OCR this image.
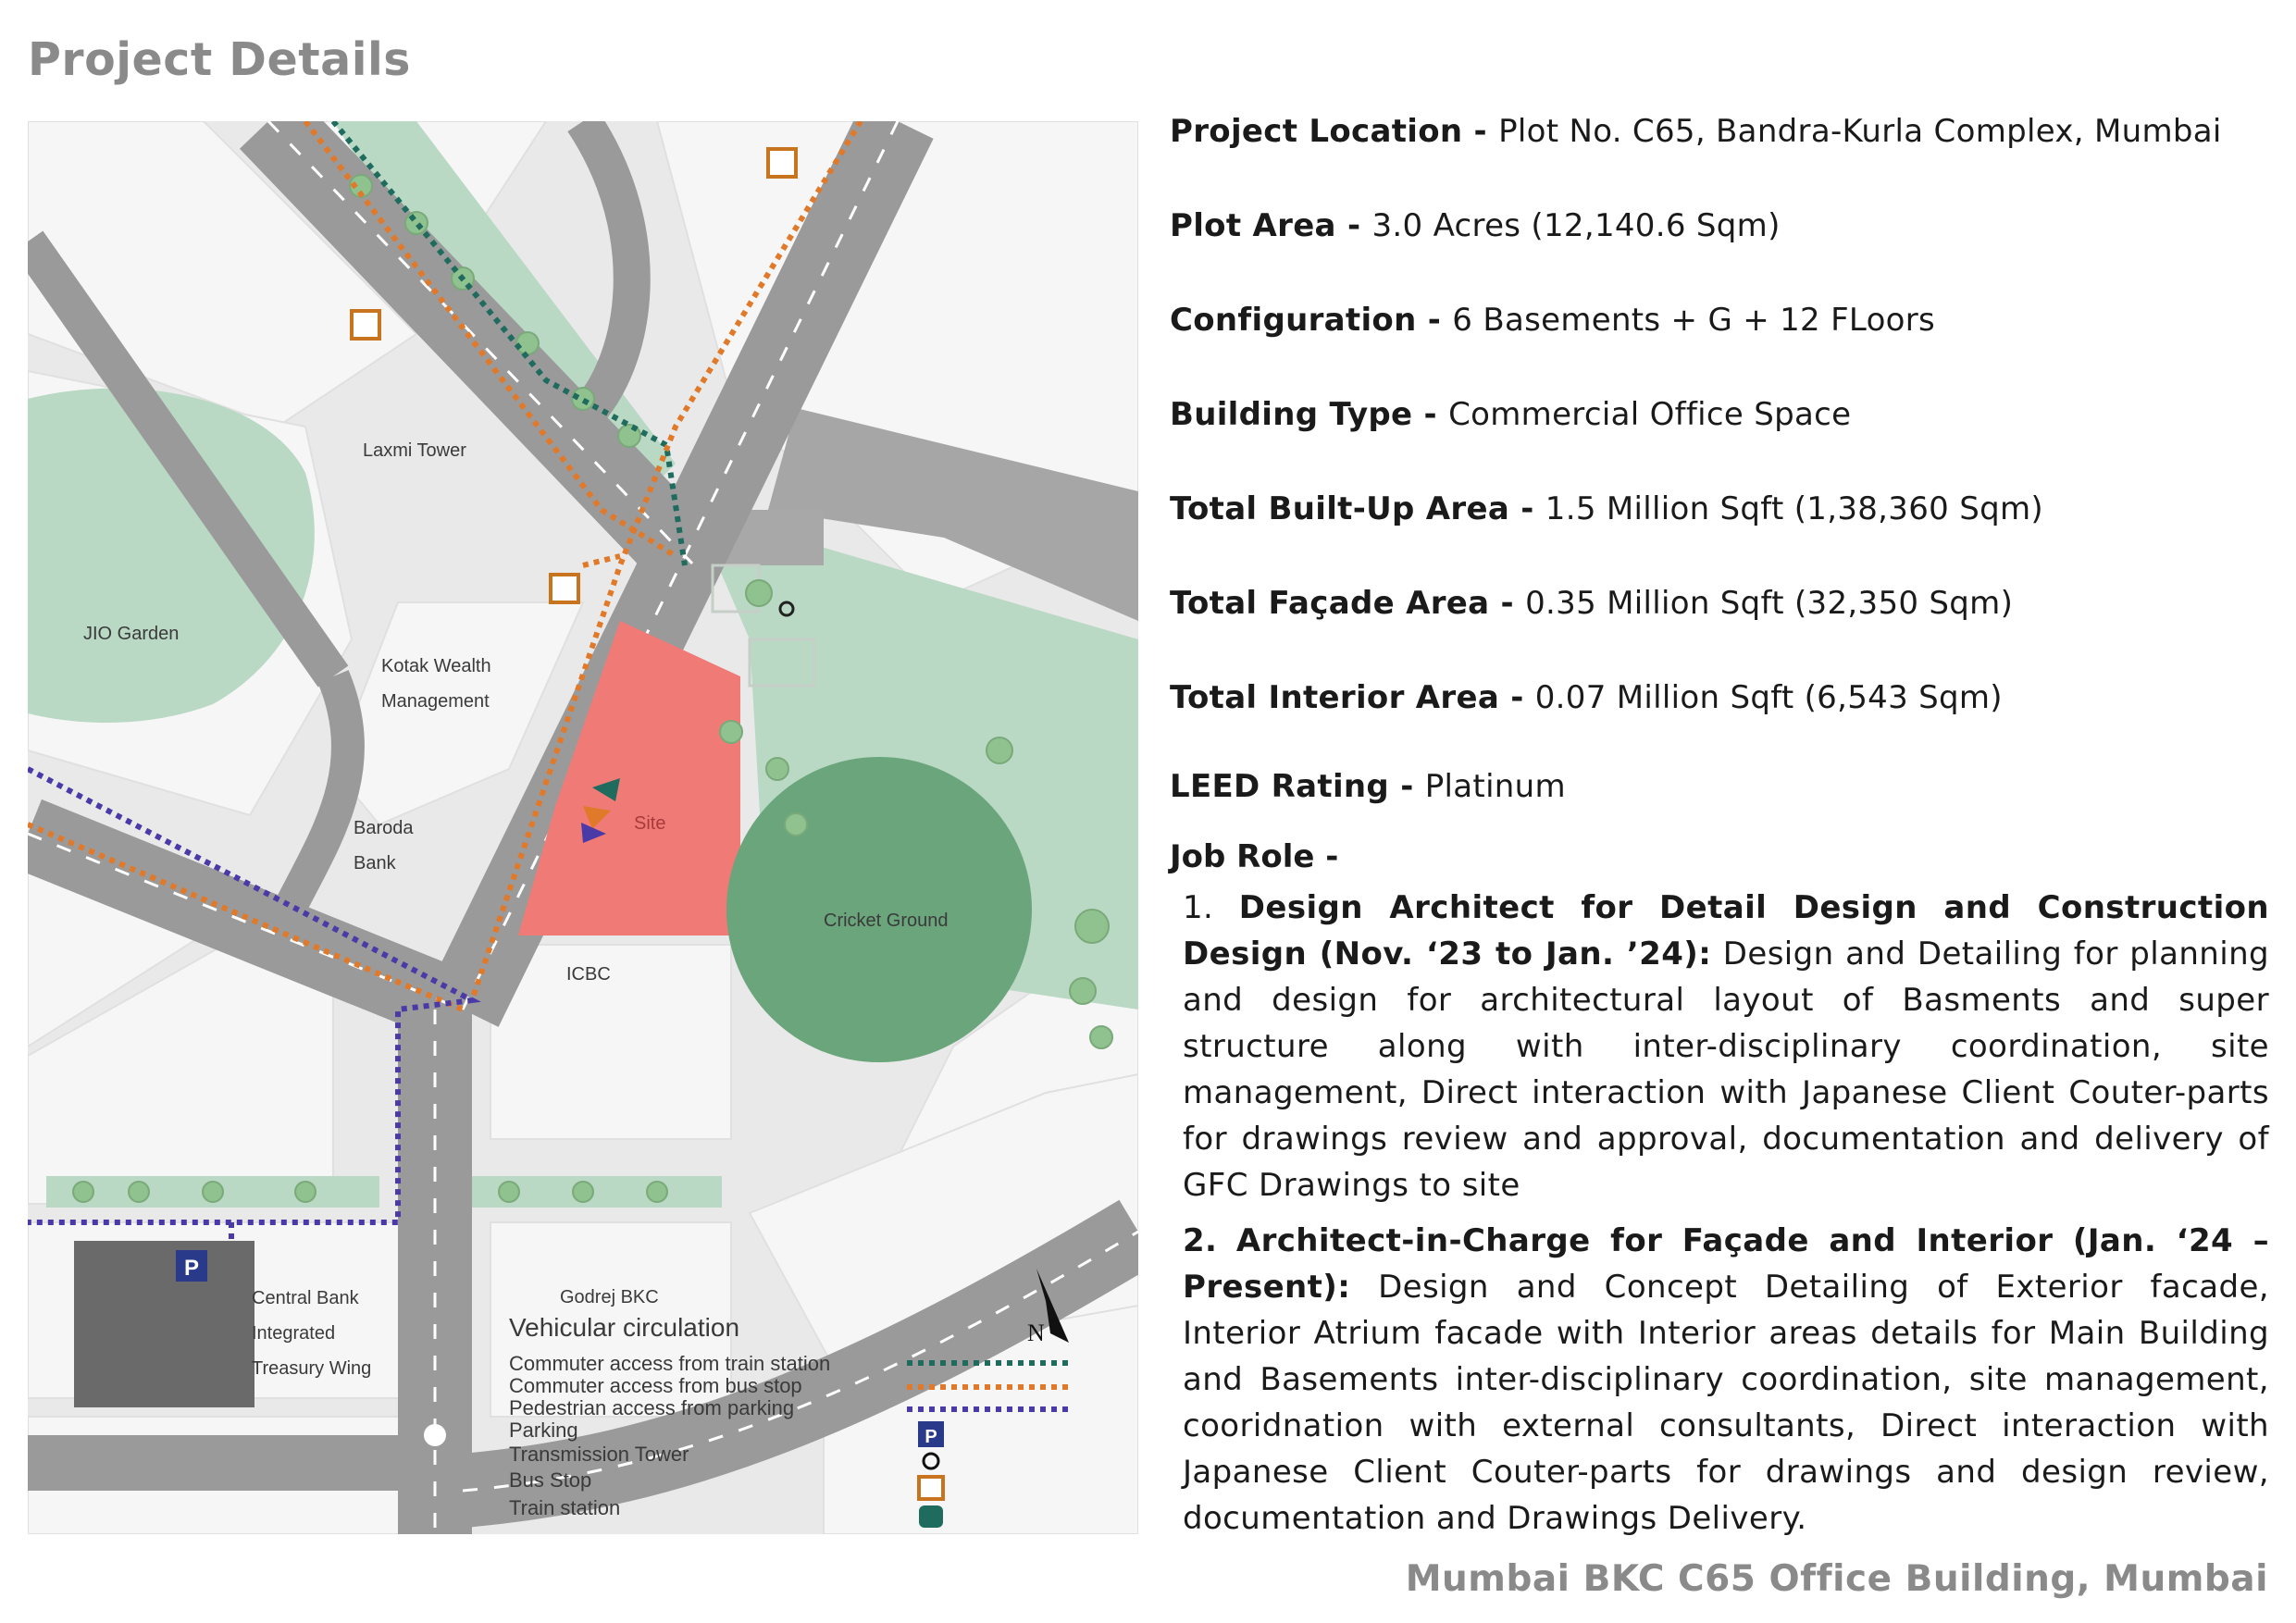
Project Details
P
Laxmi Tower
JIO Garden
Kotak Wealth
Management
Baroda
Bank
Site
ICBC
Cricket Ground
Central Bank
Integrated
Treasury Wing
Godrej BKC
N
Vehicular circulation
Commuter access from train station
Commuter access from bus stop
Pedestrian access from parking
Parking
Transmission Tower
Bus Stop
Train station
P
Project Location - Plot No. C65, Bandra-Kurla Complex, Mumbai
Plot Area - 3.0 Acres (12,140.6 Sqm)
Configuration - 6 Basements + G + 12 FLoors
Building Type - Commercial Office Space
Total Built-Up Area - 1.5 Million Sqft (1,38,360 Sqm)
Total Façade Area - 0.35 Million Sqft (32,350 Sqm)
Total Interior Area - 0.07 Million Sqft (6,543 Sqm)
LEED Rating - Platinum
Job Role -
1. Design Architect for Detail Design and Construction Design (Nov. ‘23 to Jan. ’24): Design and Detailing for planning and design for architectural layout of Basments and super structure along with inter-disciplinary coordination, site management, Direct interaction with Japanese Client Couter-parts for drawings review and approval, documentation and delivery of GFC Drawings to site
2. Architect-in-Charge for Façade and Interior (Jan. ‘24 – Present): Design and Concept Detailing of Exterior facade, Interior Atrium facade with Interior areas details for Main Building and Basements inter-disciplinary coordination, site management, cooridnation with external consultants, Direct interaction with Japanese Client Couter-parts for drawings and design review, documentation and Drawings Delivery.
Mumbai BKC C65 Office Building, Mumbai
